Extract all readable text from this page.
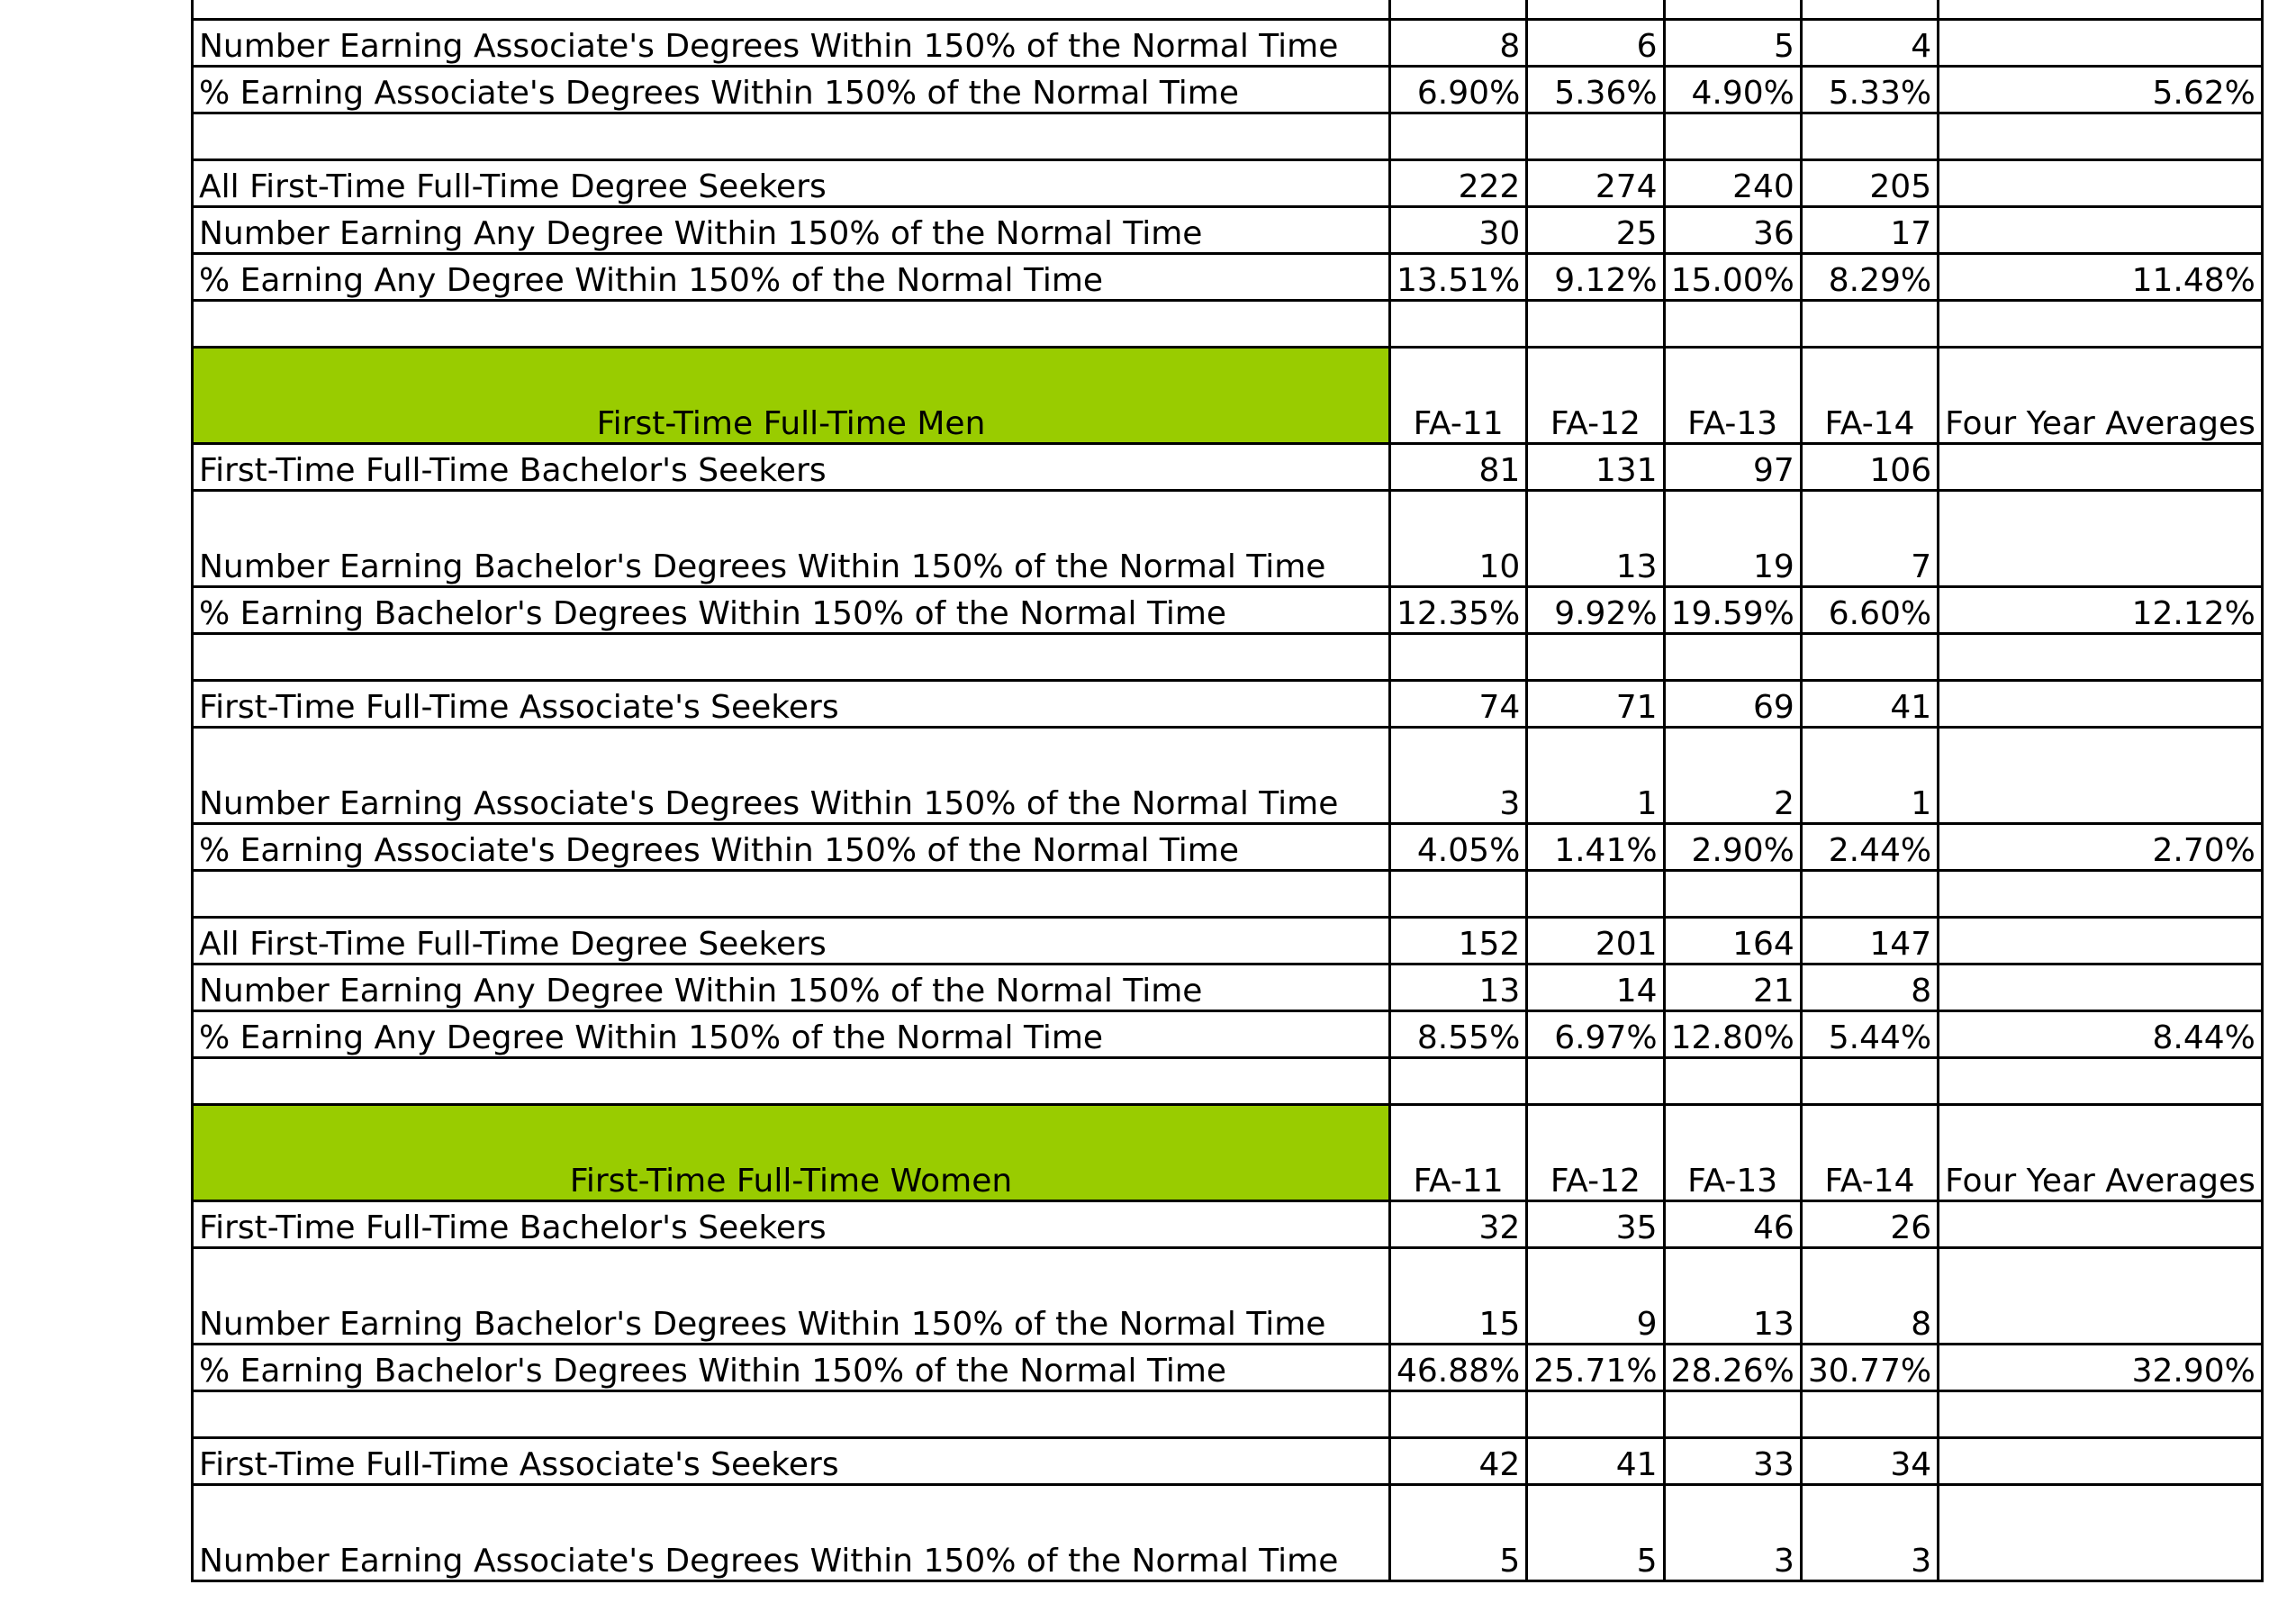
Number Earning Associate's Degrees Within 150% of the Normal Time	8	6	5	4	
% Earning Associate's Degrees Within 150% of the Normal Time	6.90%	5.36%	4.90%	5.33%	5.62%

All First-Time Full-Time Degree Seekers	222	274	240	205	
Number Earning Any Degree Within 150% of the Normal Time	30	25	36	17	
% Earning Any Degree Within 150% of the Normal Time	13.51%	9.12%	15.00%	8.29%	11.48%

First-Time Full-Time Men	FA-11	FA-12	FA-13	FA-14	Four Year Averages
First-Time Full-Time Bachelor's Seekers	81	131	97	106	
Number Earning Bachelor's Degrees Within 150% of the Normal Time	10	13	19	7	
% Earning Bachelor's Degrees Within 150% of the Normal Time	12.35%	9.92%	19.59%	6.60%	12.12%

First-Time Full-Time Associate's Seekers	74	71	69	41	
Number Earning Associate's Degrees Within 150% of the Normal Time	3	1	2	1	
% Earning Associate's Degrees Within 150% of the Normal Time	4.05%	1.41%	2.90%	2.44%	2.70%

All First-Time Full-Time Degree Seekers	152	201	164	147	
Number Earning Any Degree Within 150% of the Normal Time	13	14	21	8	
% Earning Any Degree Within 150% of the Normal Time	8.55%	6.97%	12.80%	5.44%	8.44%

First-Time Full-Time Women	FA-11	FA-12	FA-13	FA-14	Four Year Averages
First-Time Full-Time Bachelor's Seekers	32	35	46	26	
Number Earning Bachelor's Degrees Within 150% of the Normal Time	15	9	13	8	
% Earning Bachelor's Degrees Within 150% of the Normal Time	46.88%	25.71%	28.26%	30.77%	32.90%

First-Time Full-Time Associate's Seekers	42	41	33	34	
Number Earning Associate's Degrees Within 150% of the Normal Time	5	5	3	3	
